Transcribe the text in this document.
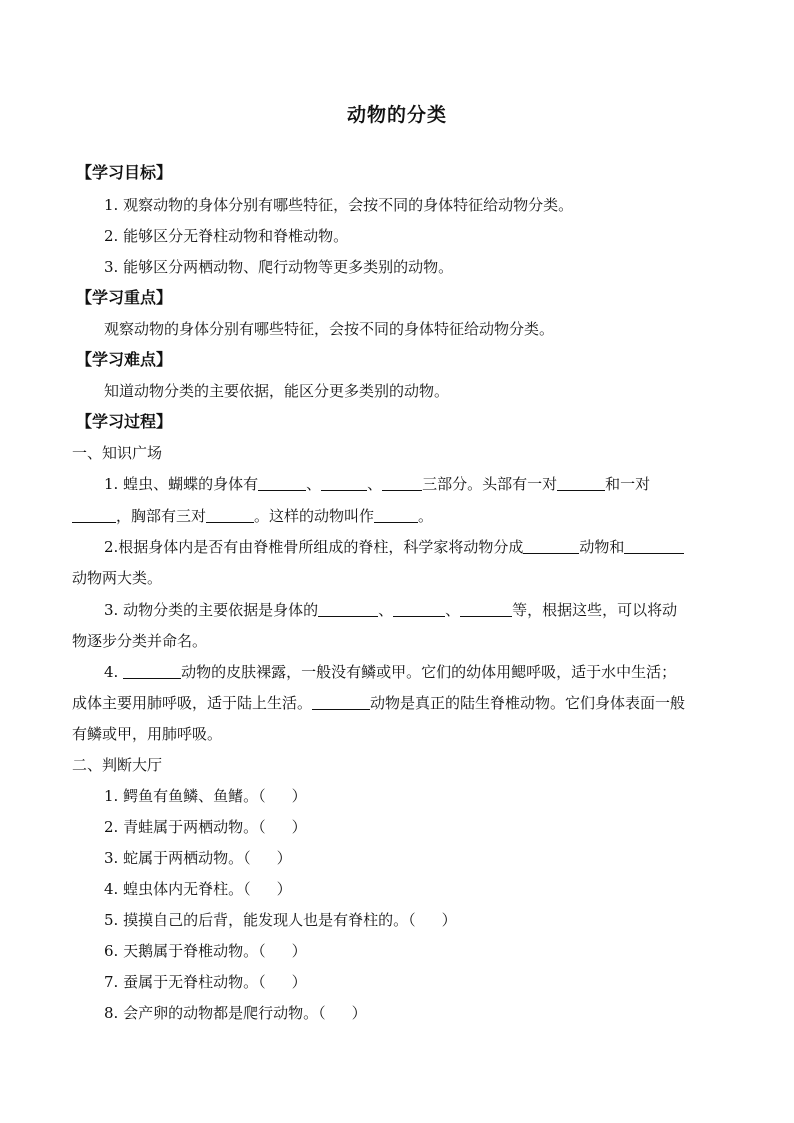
动物的分类
【学习目标】
1. 观察动物的身体分别有哪些特征，会按不同的身体特征给动物分类。
2. 能够区分无脊柱动物和脊椎动物。
3. 能够区分两栖动物、爬行动物等更多类别的动物。
【学习重点】
观察动物的身体分别有哪些特征，会按不同的身体特征给动物分类。
【学习难点】
知道动物分类的主要依据，能区分更多类别的动物。
【学习过程】
一、知识广场
1. 蝗虫、蝴蝶的身体有	、	、	三部分。头部有一对	和一对
，胸部有三对	。这样的动物叫作	。
2.根据身体内是否有由脊椎骨所组成的脊柱，科学家将动物分成	动物和
动物两大类。
3. 动物分类的主要依据是身体的	、	、	等，根据这些，可以将动
物逐步分类并命名。
4.	动物的皮肤裸露，一般没有鳞或甲。它们的幼体用鳃呼吸，适于水中生活；
成体主要用肺呼吸，适于陆上生活。	动物是真正的陆生脊椎动物。它们身体表面一般
有鳞或甲，用肺呼吸。
二、判断大厅
1. 鳄鱼有鱼鳞、鱼鳍。（ ）
2. 青蛙属于两栖动物。（ ）
3. 蛇属于两栖动物。（ ）
4. 蝗虫体内无脊柱。（ ）
5. 摸摸自己的后背，能发现人也是有脊柱的。（ ）
6. 天鹅属于脊椎动物。（ ）
7. 蚕属于无脊柱动物。（ ）
8. 会产卵的动物都是爬行动物。（ ）
